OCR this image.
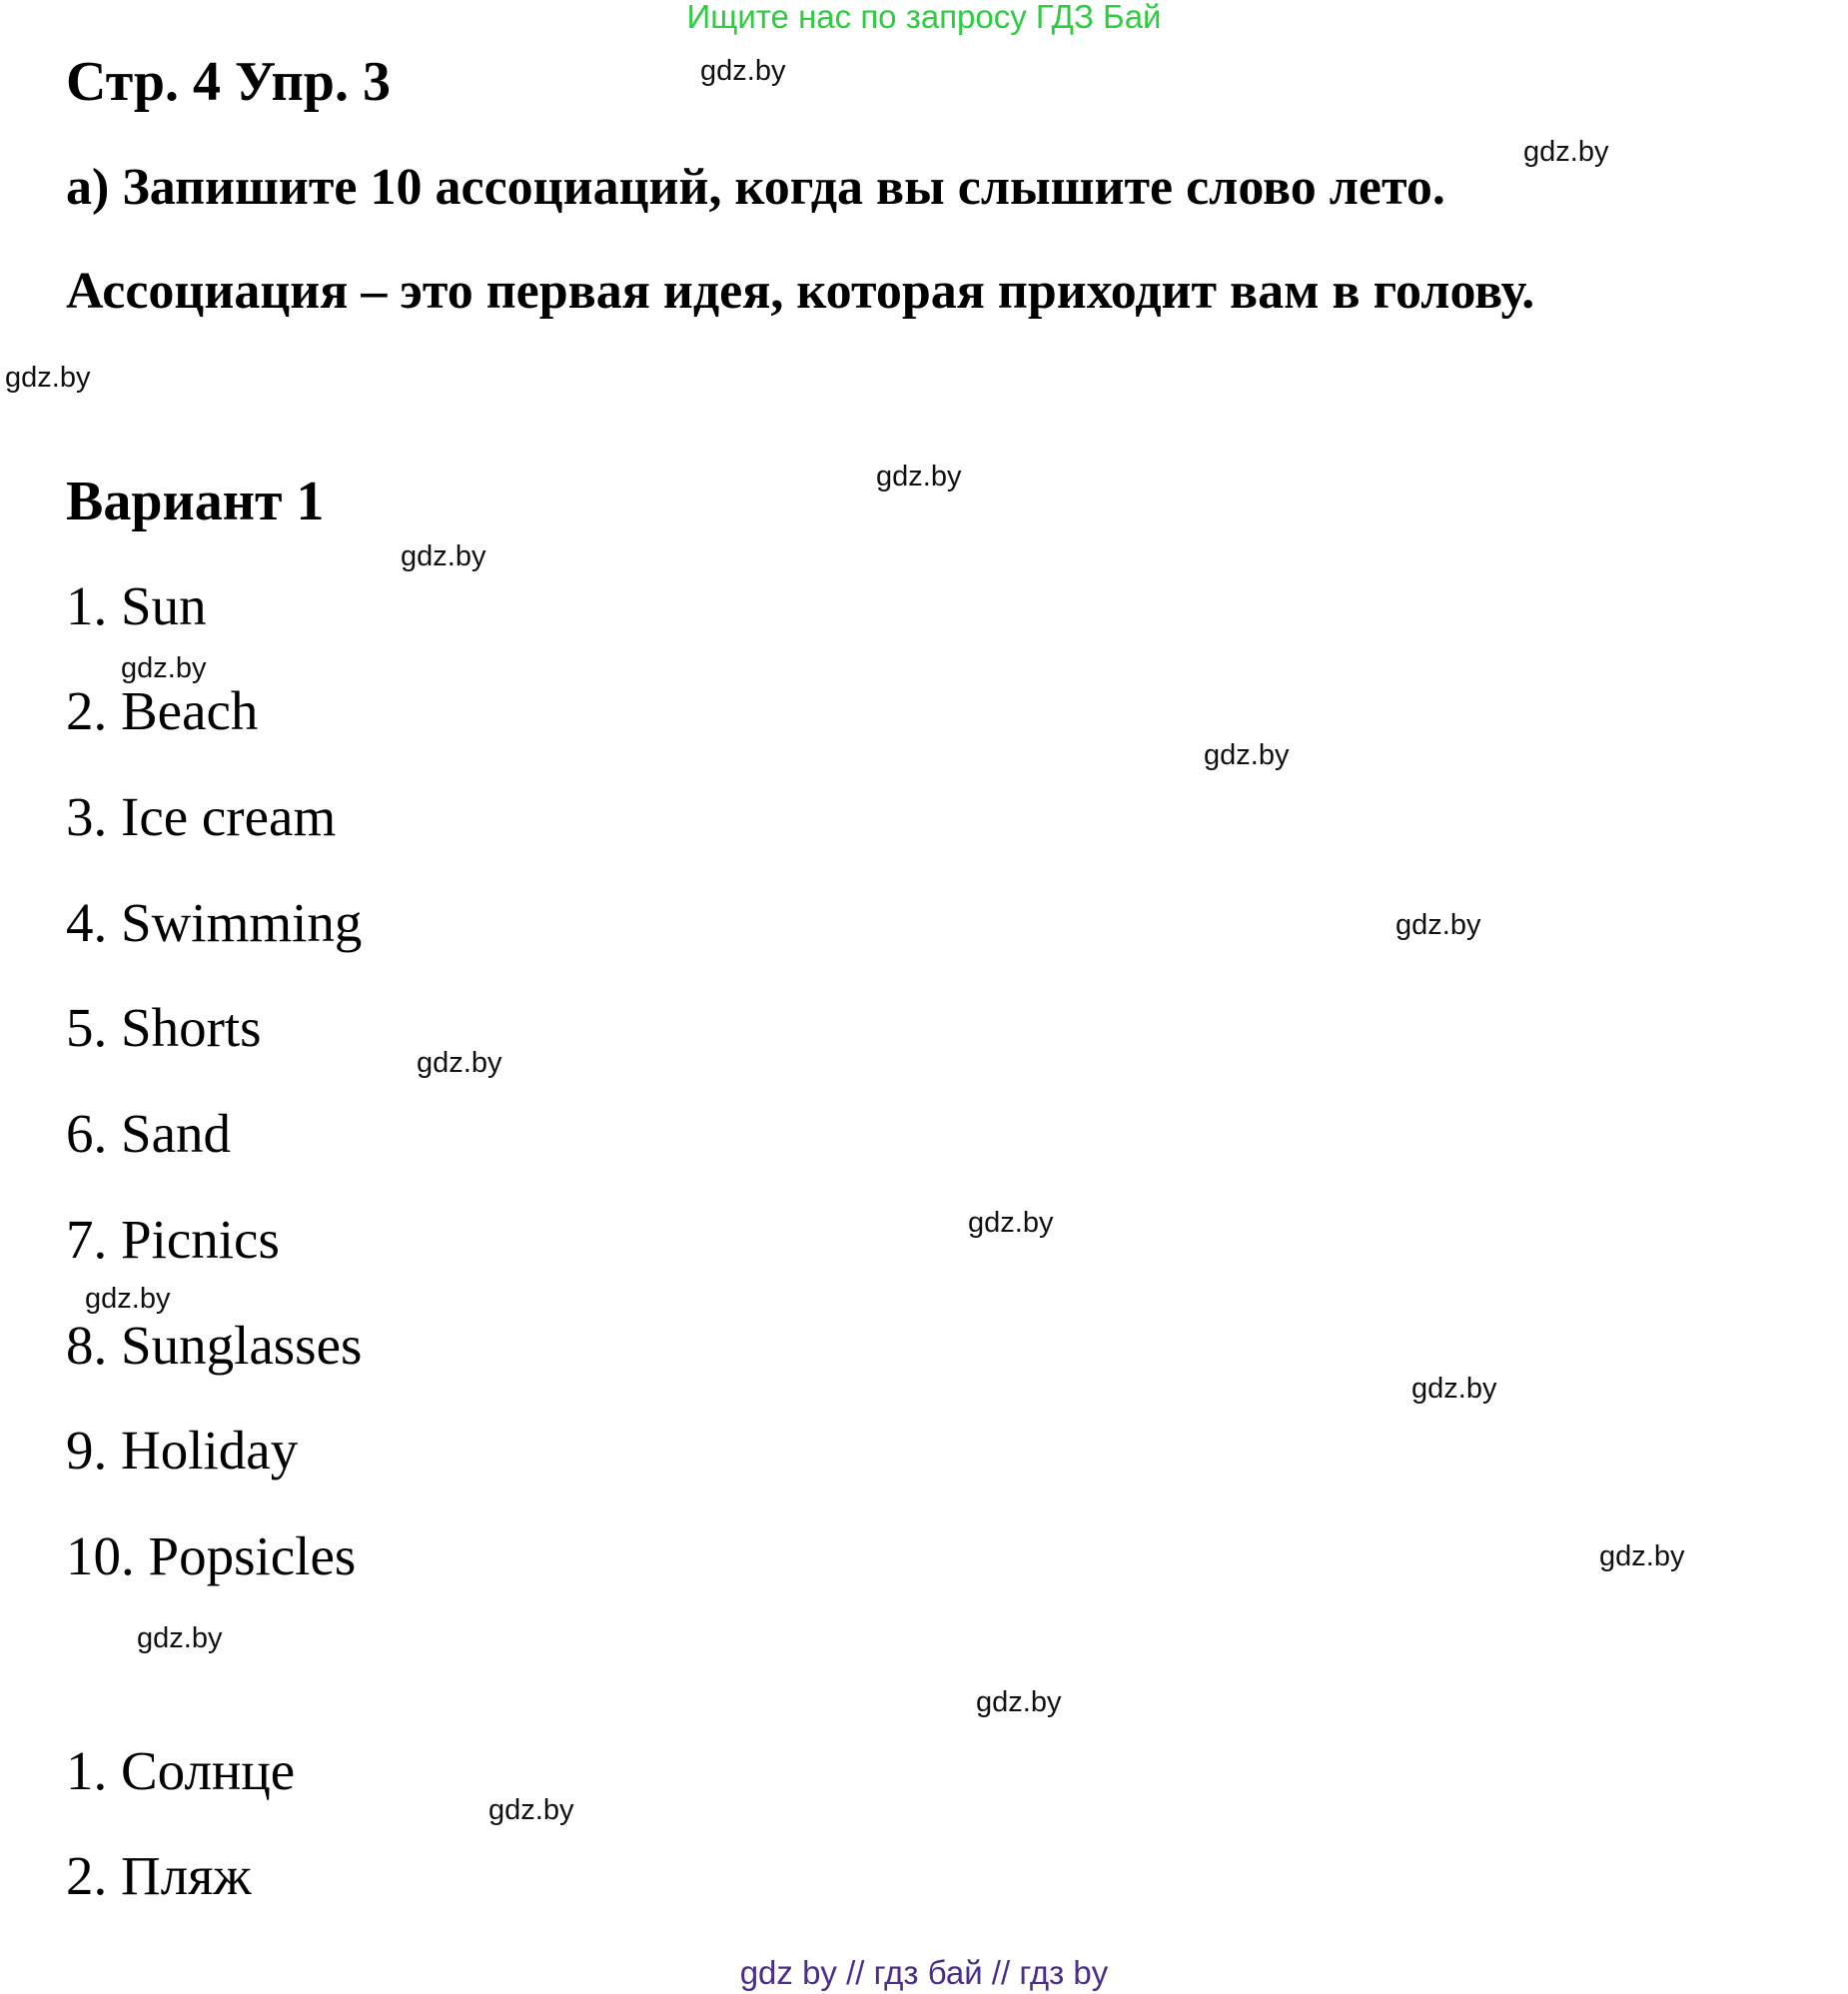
Ищите нас по запросу ГДЗ Бай
Стр. 4 Упр. 3
а) Запишите 10 ассоциаций, когда вы слышите слово лето.
Ассоциация – это первая идея, которая приходит вам в голову.
Вариант 1
1. Sun
2. Beach
3. Ice cream
4. Swimming
5. Shorts
6. Sand
7. Picnics
8. Sunglasses
9. Holiday
10. Popsicles
1. Солнце
2. Пляж
gdz.by
gdz.by
gdz.by
gdz.by
gdz.by
gdz.by
gdz.by
gdz.by
gdz.by
gdz.by
gdz.by
gdz.by
gdz.by
gdz.by
gdz.by
gdz.by
gdz by // гдз бай // гдз by
